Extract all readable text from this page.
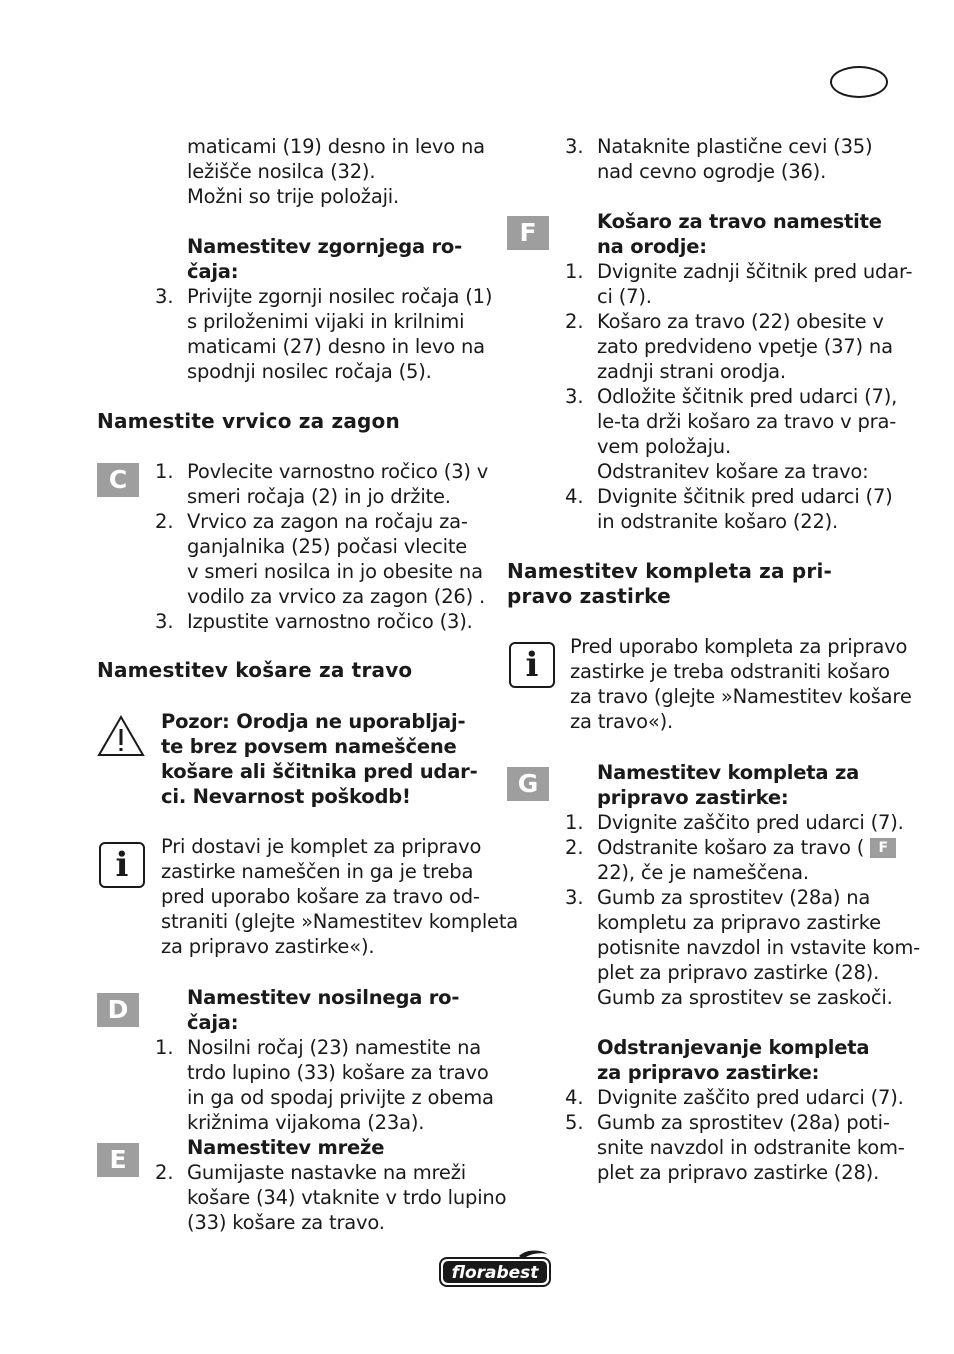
maticami (19) desno in levo na
ležišče nosilca (32).
Možni so trije položaji.
Namestitev zgornjega ro-
čaja:
3. Privijte zgornji nosilec ročaja (1)
s priloženimi vijaki in krilnimi
maticami (27) desno in levo na
spodnji nosilec ročaja (5).
Namestite vrvico za zagon
C	1. Povlecite varnostno ročico (3) v
smeri ročaja (2) in jo držite.
2. Vrvico za zagon na ročaju za-
ganjalnika (25) počasi vlecite
v smeri nosilca in jo obesite na
vodilo za vrvico za zagon (26) .
3. Izpustite varnostno ročico (3).
Namestitev košare za travo
Pozor: Orodja ne uporabljaj-
te brez povsem nameščene
košare ali ščitnika pred udar-
ci. Nevarnost poškodb!
i	Pri dostavi je komplet za pripravo
zastirke nameščen in ga je treba
pred uporabo košare za travo od-
straniti (glejte »Namestitev kompleta
za pripravo zastirke«).
D	Namestitev nosilnega ro-
čaja:
1. Nosilni ročaj (23) namestite na
trdo lupino (33) košare za travo
in ga od spodaj privijte z obema
križnima vijakoma (23a).
E	Namestitev mreže
2. Gumijaste nastavke na mreži
košare (34) vtaknite v trdo lupino
(33) košare za travo.
3. Nataknite plastične cevi (35)
nad cevno ogrodje (36).
F	Košaro za travo namestite
na orodje:
1. Dvignite zadnji ščitnik pred udar-
ci (7).
2. Košaro za travo (22) obesite v
zato predvideno vpetje (37) na
zadnji strani orodja.
3. Odložite ščitnik pred udarci (7),
le-ta drži košaro za travo v pra-
vem položaju.
Odstranitev košare za travo:
4. Dvignite ščitnik pred udarci (7)
in odstranite košaro (22).
Namestitev kompleta za pri-
pravo zastirke
i	Pred uporabo kompleta za pripravo
zastirke je treba odstraniti košaro
za travo (glejte »Namestitev košare
za travo«).
G	Namestitev kompleta za
pripravo zastirke:
1. Dvignite zaščito pred udarci (7).
2. Odstranite košaro za travo ( F
22), če je nameščena.
3. Gumb za sprostitev (28a) na
kompletu za pripravo zastirke
potisnite navzdol in vstavite kom-
plet za pripravo zastirke (28).
Gumb za sprostitev se zaskoči.
Odstranjevanje kompleta
za pripravo zastirke:
4. Dvignite zaščito pred udarci (7).
5. Gumb za sprostitev (28a) poti-
snite navzdol in odstranite kom-
plet za pripravo zastirke (28).
florabest
